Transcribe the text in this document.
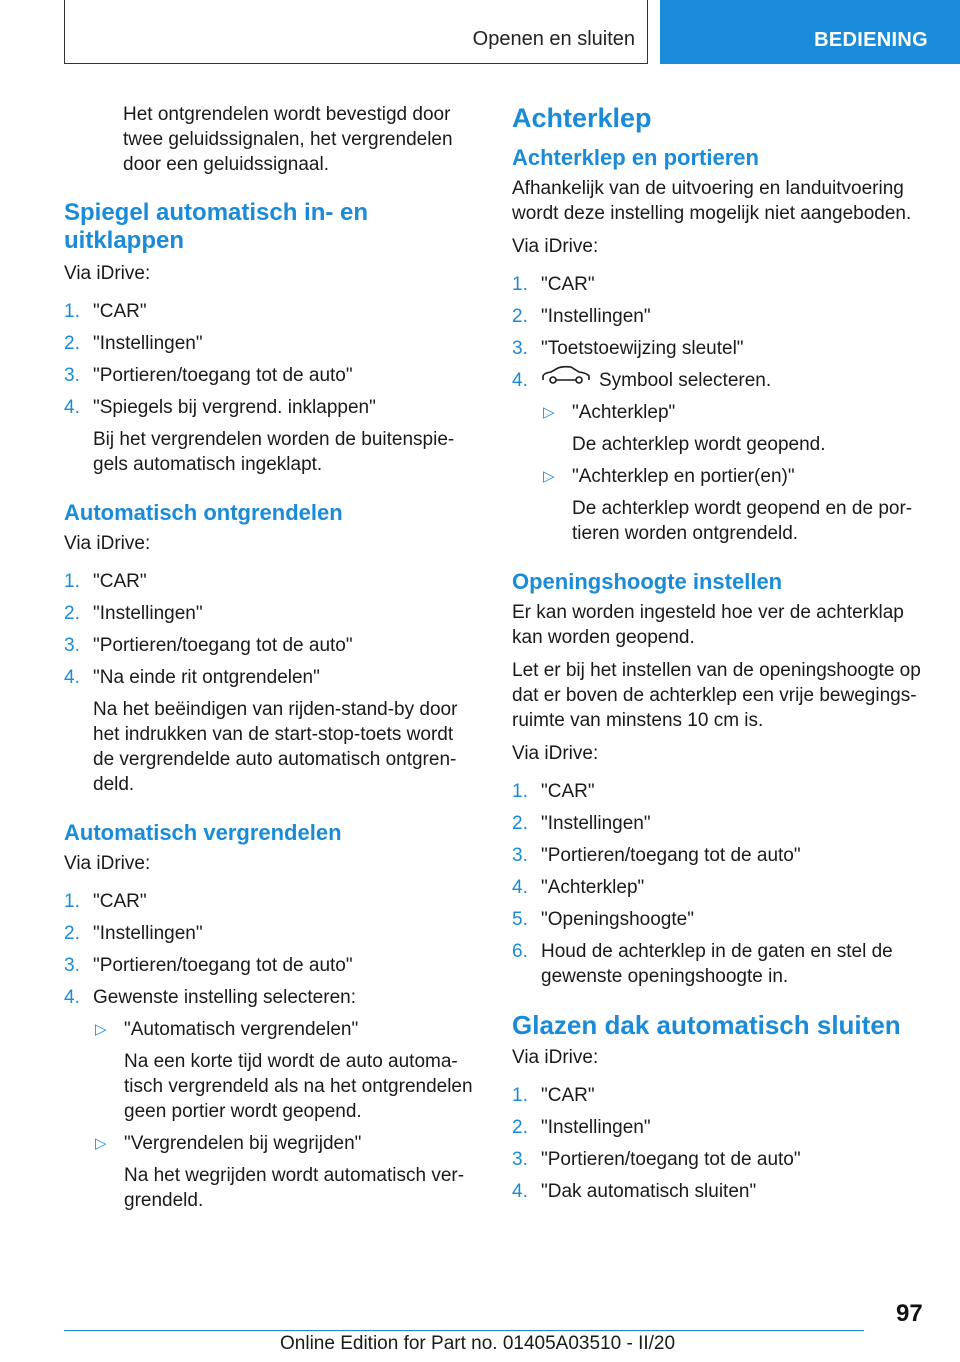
Openen en sluiten	BEDIENING

Het ontgrendelen wordt bevestigd door twee geluidssignalen, het vergrendelen door een geluidssignaal.

Spiegel automatisch in- en uitklappen

Via iDrive:

1. "CAR"
2. "Instellingen"
3. "Portieren/toegang tot de auto"
4. "Spiegels bij vergrend. inklappen"

Bij het vergrendelen worden de buitenspie-gels automatisch ingeklapt.

Automatisch ontgrendelen

Via iDrive:

1. "CAR"
2. "Instellingen"
3. "Portieren/toegang tot de auto"
4. "Na einde rit ontgrendelen"

Na het beëindigen van rijden-stand-by door het indrukken van de start-stop-toets wordt de vergrendelde auto automatisch ontgren-deld.

Automatisch vergrendelen

Via iDrive:

1. "CAR"
2. "Instellingen"
3. "Portieren/toegang tot de auto"
4. Gewenste instelling selecteren:
▷ "Automatisch vergrendelen"

Na een korte tijd wordt de auto automa-tisch vergrendeld als na het ontgrendelen geen portier wordt geopend.

▷ "Vergrendelen bij wegrijden"

Na het wegrijden wordt automatisch ver-grendeld.

Achterklep
Achterklep en portieren

Afhankelijk van de uitvoering en landuitvoering wordt deze instelling mogelijk niet aangeboden.

Via iDrive:

1. "CAR"
2. "Instellingen"
3. "Toetstoewijzing sleutel"
4.	Symbool selecteren.
▷ "Achterklep"

De achterklep wordt geopend.

▷ "Achterklep en portier(en)"

De achterklep wordt geopend en de por-tieren worden ontgrendeld.

Openingshoogte instellen

Er kan worden ingesteld hoe ver de achterklap kan worden geopend.

Let er bij het instellen van de openingshoogte op dat er boven de achterklep een vrije bewegings-ruimte van minstens 10 cm is.

Via iDrive:

1. "CAR"
2. "Instellingen"
3. "Portieren/toegang tot de auto"
4. "Achterklep"
5. "Openingshoogte"
6. Houd de achterklep in de gaten en stel de gewenste openingshoogte in.
Glazen dak automatisch sluiten

Via iDrive:

1. "CAR"
2. "Instellingen"
3. "Portieren/toegang tot de auto"
4. "Dak automatisch sluiten"
97
Online Edition for Part no. 01405A03510 - II/20
